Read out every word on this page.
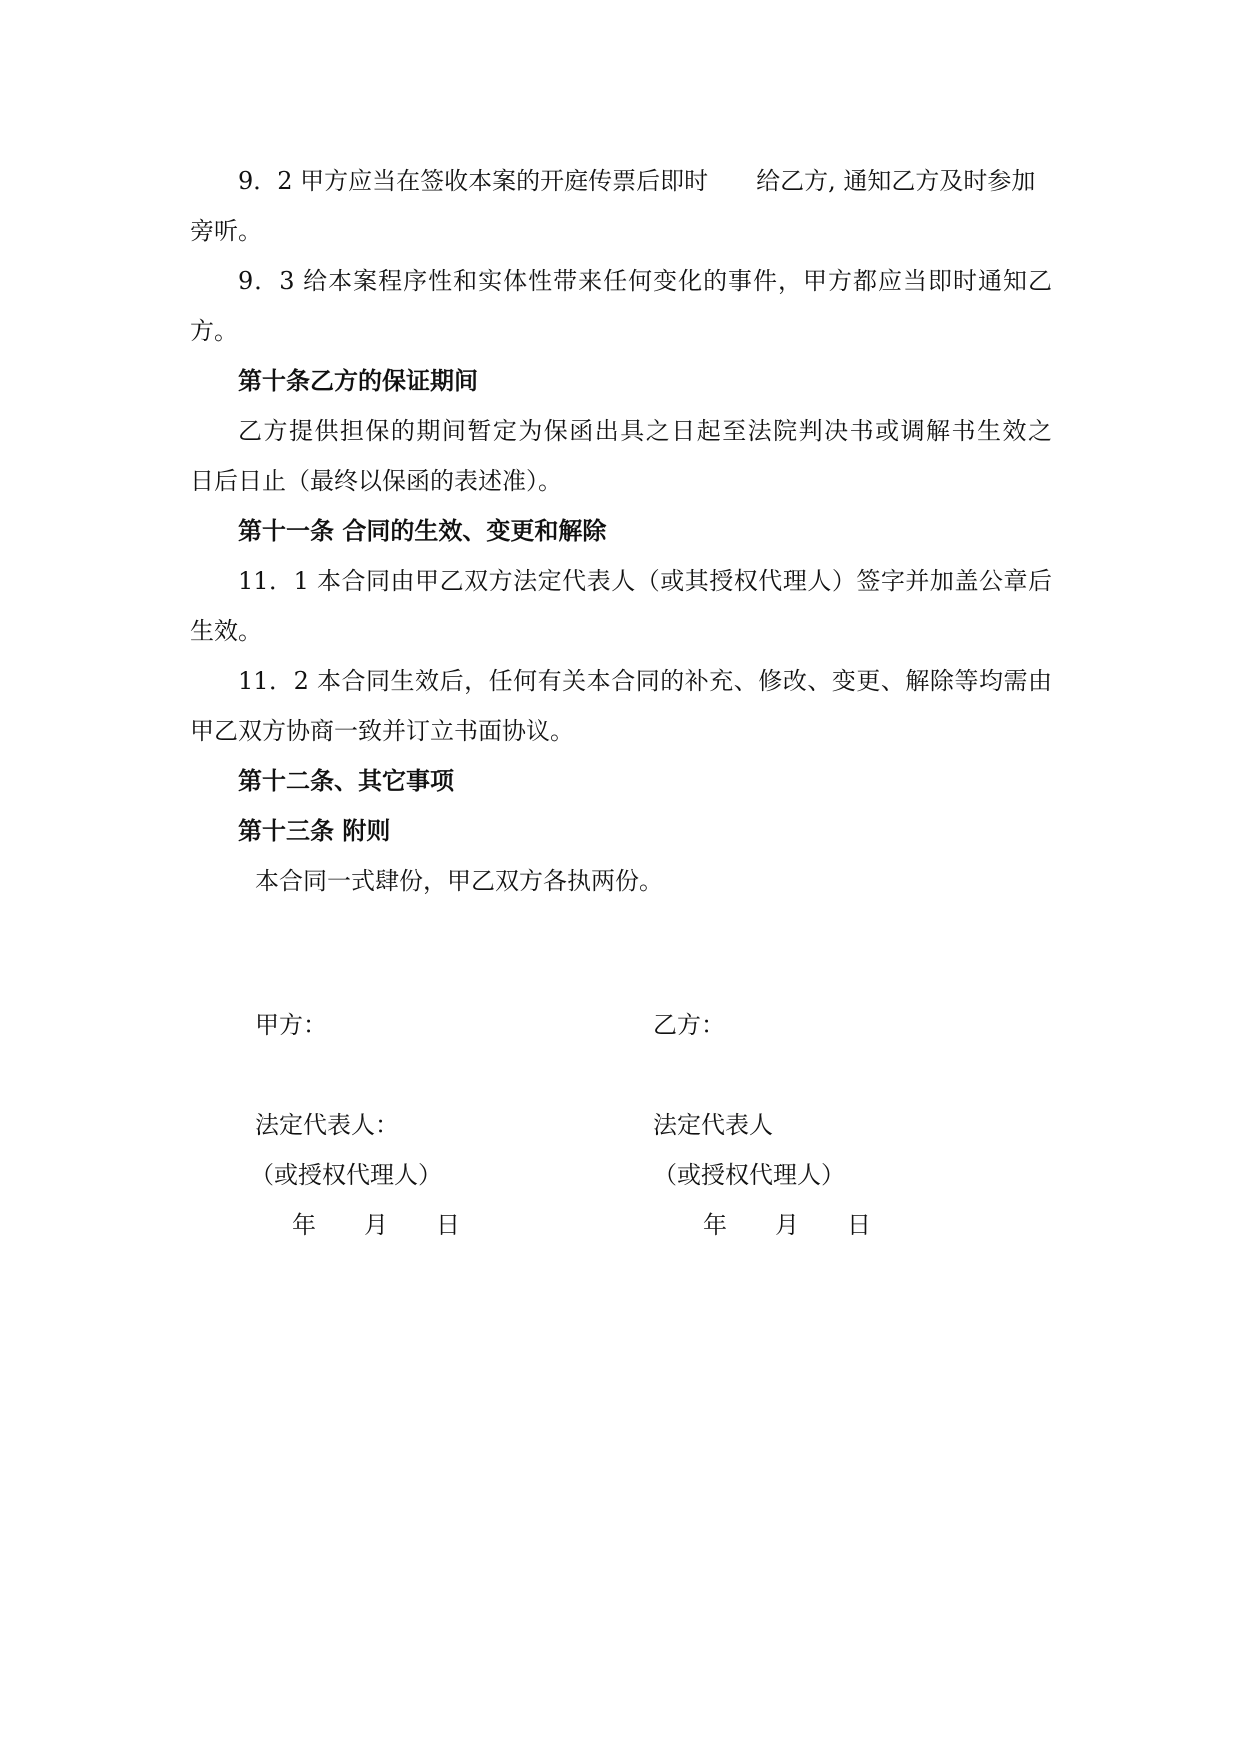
9．2 甲方应当在签收本案的开庭传票后即时　　给乙方, 通知乙方及时参加
旁听。
9．3 给本案程序性和实体性带来任何变化的事件，甲方都应当即时通知乙
方。
第十条乙方的保证期间
乙方提供担保的期间暂定为保函出具之日起至法院判决书或调解书生效之
日后日止（最终以保函的表述准）。
第十一条 合同的生效、变更和解除
11．1 本合同由甲乙双方法定代表人（或其授权代理人）签字并加盖公章后
生效。
11．2 本合同生效后，任何有关本合同的补充、修改、变更、解除等均需由
甲乙双方协商一致并订立书面协议。
第十二条、其它事项
第十三条 附则
本合同一式肆份，甲乙双方各执两份。
甲方：
法定代表人：
（或授权代理人）
年　　月　　日
乙方：
法定代表人
（或授权代理人）
年　　月　　日
